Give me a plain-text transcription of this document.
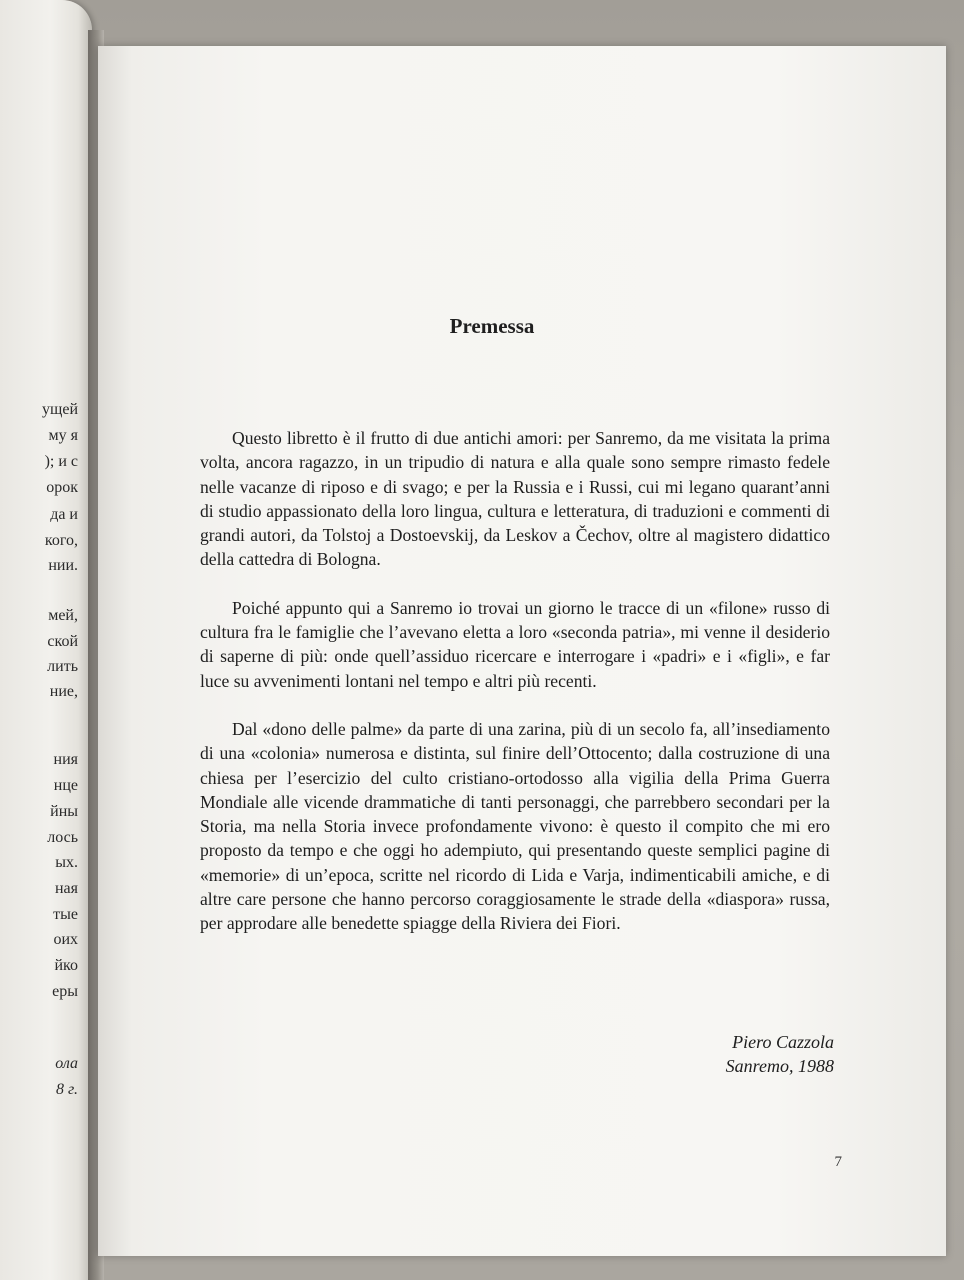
ущей
му я
); и с
орок
да и
кого,
нии.
мей,
ской
лить
ние,
ния
нце
йны
лось
ых.
ная
тые
оих
йко
еры
ола
8 г.
Premessa

Questo libretto è il frutto di due antichi amori: per Sanremo, da me visitata la prima volta, ancora ragazzo, in un tripudio di natura e alla quale sono sempre rimasto fedele nelle vacanze di riposo e di svago; e per la Russia e i Russi, cui mi legano quarant’anni di studio appassionato della loro lingua, cultura e letteratura, di traduzioni e commenti di grandi autori, da Tolstoj a Dostoevskij, da Leskov a Čechov, oltre al magistero didattico della cattedra di Bologna.

Poiché appunto qui a Sanremo io trovai un giorno le tracce di un «filone» russo di cultura fra le famiglie che l’avevano eletta a loro «seconda patria», mi venne il desiderio di saperne di più: onde quell’assiduo ricercare e interrogare i «padri» e i «figli», e far luce su avvenimenti lontani nel tempo e altri più recenti.

Dal «dono delle palme» da parte di una zarina, più di un secolo fa, all’insediamento di una «colonia» numerosa e distinta, sul finire dell’Ottocento; dalla costruzione di una chiesa per l’esercizio del culto cristiano-ortodosso alla vigilia della Prima Guerra Mondiale alle vicende drammatiche di tanti personaggi, che parrebbero secondari per la Storia, ma nella Storia invece profondamente vivono: è questo il compito che mi ero proposto da tempo e che oggi ho adempiuto, qui presentando queste semplici pagine di «memorie» di un’epoca, scritte nel ricordo di Lida e Varja, indimenticabili amiche, e di altre care persone che hanno percorso coraggiosamente le strade della «diaspora» russa, per approdare alle benedette spiagge della Riviera dei Fiori.

Piero Cazzola
Sanremo, 1988
7
